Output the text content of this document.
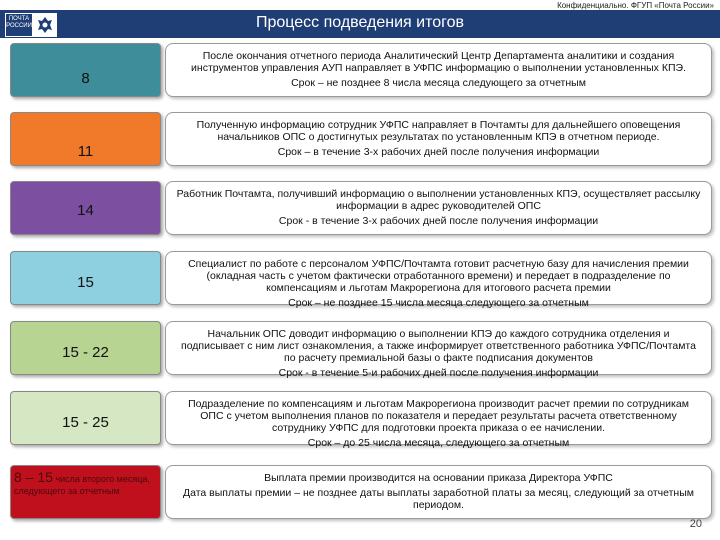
Конфиденциально. ФГУП «Почта России»
ПОЧТА РОССИИ	Процесс подведения итогов
8
После окончания отчетного периода Аналитический Центр Департамента аналитики и создания инструментов управления АУП направляет в УФПС информацию о выполнении установленных КПЭ.
Срок – не позднее 8 числа месяца следующего за отчетным
11
Полученную информацию сотрудник УФПС направляет в Почтамты для дальнейшего оповещения начальников ОПС о достигнутых результатах по установленным КПЭ в отчетном периоде.
Срок – в течение 3-х рабочих дней после получения информации
14
Работник Почтамта, получивший информацию о выполнении установленных КПЭ, осуществляет рассылку информации в адрес руководителей ОПС
Срок - в течение 3-х рабочих дней после получения информации
15
Специалист по работе с персоналом УФПС/Почтамта готовит расчетную базу для начисления премии (окладная часть с учетом фактически отработанного времени) и передает в подразделение по компенсациям и льготам Макрорегиона для итогового расчета премии
Срок – не позднее 15 числа месяца следующего за отчетным
15 - 22
Начальник ОПС доводит информацию о выполнении КПЭ до каждого сотрудника отделения и подписывает с ним лист ознакомления, а также информирует ответственного работника УФПС/Почтамта по расчету премиальной базы о факте подписания документов
Срок - в течение 5-и рабочих дней после получения информации
15 - 25
Подразделение по компенсациям и льготам Макрорегиона производит расчет премии по сотрудникам ОПС с учетом выполнения планов по показателя и передает результаты расчета ответственному сотруднику УФПС для подготовки проекта приказа о ее начислении.
Срок – до 25 числа месяца, следующего за отчетным
8 – 15 числа второго месяца, следующего за отчетным
Выплата премии производится на основании приказа Директора УФПС
Дата выплаты премии – не позднее даты выплаты заработной платы за месяц, следующий за отчетным периодом.
20
